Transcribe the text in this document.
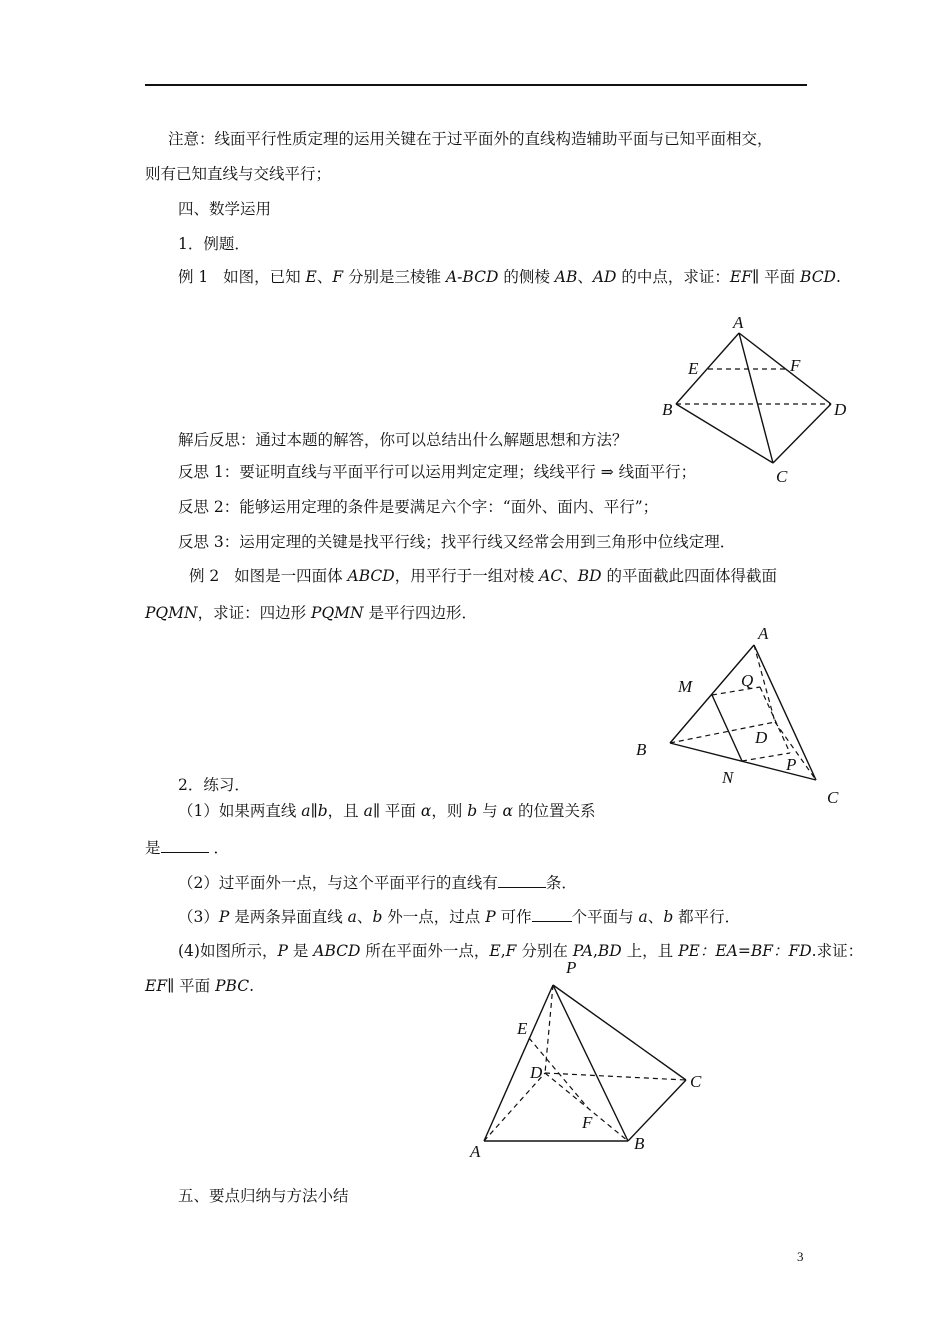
注意：线面平行性质定理的运用关键在于过平面外的直线构造辅助平面与已知平面相交，
则有已知直线与交线平行；
四、数学运用
1．例题．
例 1 如图，已知 E、F 分别是三棱锥 A-BCD 的侧棱 AB、AD 的中点，求证：EF∥ 平面 BCD.
解后反思：通过本题的解答，你可以总结出什么解题思想和方法？
反思 1：要证明直线与平面平行可以运用判定定理；线线平行 ⇒ 线面平行；
反思 2：能够运用定理的条件是要满足六个字：“面外、面内、平行”；
反思 3：运用定理的关键是找平行线；找平行线又经常会用到三角形中位线定理．
例 2 如图是一四面体 ABCD，用平行于一组对棱 AC、BD 的平面截此四面体得截面
PQMN，求证：四边形 PQMN 是平行四边形．
2．练习．
（1）如果两直线 a∥b，且 a∥ 平面 α，则 b 与 α 的位置关系
是	．
（2）过平面外一点，与这个平面平行的直线有	条．
（3）P 是两条异面直线 a、b 外一点，过点 P 可作	个平面与 a、b 都平行．
(4)如图所示，P 是 ABCD 所在平面外一点，E,F 分别在 PA,BD 上，且 PE：EA=BF：FD.求证：
EF∥ 平面 PBC.
五、要点归纳与方法小结
3
A
E	F
B	D
C
A
M	Q
D
B
P
N
C
P
E
D	C
F
B
A
